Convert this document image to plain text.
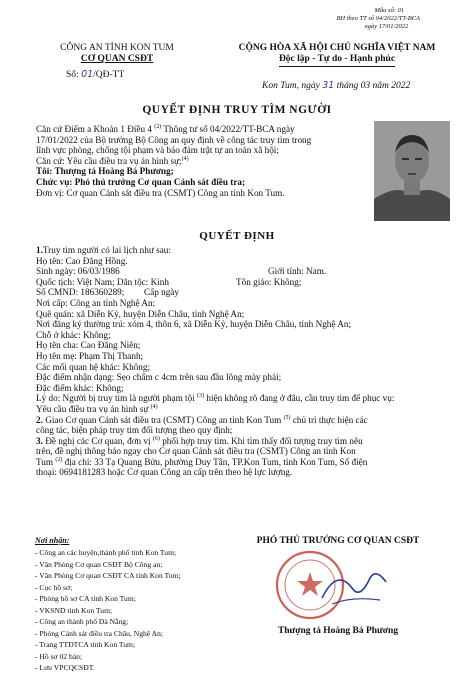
Mẫu số: 01
BH theo TT số 04/2022/TT-BCA
ngày 17/01/2022
CÔNG AN TỈNH KON TUM
CƠ QUAN CSĐT
CỘNG HÒA XÃ HỘI CHỦ NGHĨA VIỆT NAM
Độc lập - Tự do - Hạnh phúc
Số: 01/QĐ-TT
Kon Tum, ngày 31 tháng 03 năm 2022
QUYẾT ĐỊNH TRUY TÌM NGƯỜI
Căn cứ Điểm a Khoản 1 Điều 4 $^{(2)}$ Thông tư số 04/2022/TT-BCA ngày
17/01/2022 của Bộ trưởng Bộ Công an quy định về công tác truy tìm trong
lĩnh vực phòng, chống tội phạm và bảo đảm trật tự an toàn xã hội;
Căn cứ: Yêu cầu điều tra vụ án hình sự;$^{(4)}$
Tôi: Thượng tá Hoàng Bá Phương;
Chức vụ: Phó thủ trưởng Cơ quan Cảnh sát điều tra;
Đơn vị: Cơ quan Cảnh sát điều tra (CSMT) Công an tỉnh Kon Tum.
QUYẾT ĐỊNH
1.Truy tìm người có lai lịch như sau:
Họ tên: Cao Đăng Hồng.
Sinh ngày: 06/03/1986	Giới tính: Nam.
Quốc tịch: Việt Nam; Dân tộc: Kinh	Tôn giáo: Không;
Số CMND: 186360289; Cấp ngày
Nơi cấp: Công an tỉnh Nghệ An;
Quê quán: xã Diễn Kỷ, huyện Diễn Châu, tỉnh Nghệ An;
Nơi đăng ký thường trú: xóm 4, thôn 6, xã Diễn Kỷ, huyện Diễn Châu, tỉnh Nghệ An;
Chỗ ở khác: Không;
Họ tên cha: Cao Đăng Niên;
Họ tên mẹ: Phạm Thị Thanh;
Các mối quan hệ khác: Không;
Đặc điểm nhận dạng: Sẹo chấm c 4cm trên sau đầu lông mày phải;
Đặc điểm khác: Không;
Lý do: Người bị truy tìm là người phạm tội $^{(3)}$ hiện không rõ đang ở đâu, cần truy tìm để phục vụ:
Yêu cầu điều tra vụ án hình sự $^{(4)}$
2. Giao Cơ quan Cảnh sát điều tra (CSMT) Công an tỉnh Kon Tum $^{(5)}$ chủ trì thực hiện các
công tác, biện pháp truy tìm đối tượng theo quy định;
3. Đề nghị các Cơ quan, đơn vị $^{(6)}$ phối hợp truy tìm. Khi tìm thấy đối tượng truy tìm nêu
trên, đề nghị thông báo ngay cho Cơ quan Cảnh sát điều tra (CSMT) Công an tỉnh Kon
Tum $^{(2)}$ địa chỉ: 33 Tạ Quang Bửu, phường Duy Tân, TP.Kon Tum, tỉnh Kon Tum, Số điện
thoại: 0694181283 hoặc Cơ quan Công an cấp trên theo hệ lực lượng.
Nơi nhận:
- Công an các huyện,thành phố tỉnh Kon Tum;
- Văn Phòng Cơ quan CSĐT Bộ Công an;
- Văn Phòng Cơ quan CSĐT CA tỉnh Kon Tum;
- Cục hồ sơ;
- Phòng hồ sơ CA tỉnh Kon Tum;
- VKSND tỉnh Kon Tum;
- Công an thành phố Đà Nẵng;
- Phòng Cảnh sát điều tra Châu, Nghệ An;
- Trang TTĐTCA tỉnh Kon Tum;
- Hồ sơ 02 bản;
- Lưu VPCQCSĐT.
PHÓ THỦ TRƯỞNG CƠ QUAN CSĐT
Thượng tá Hoàng Bá Phương
